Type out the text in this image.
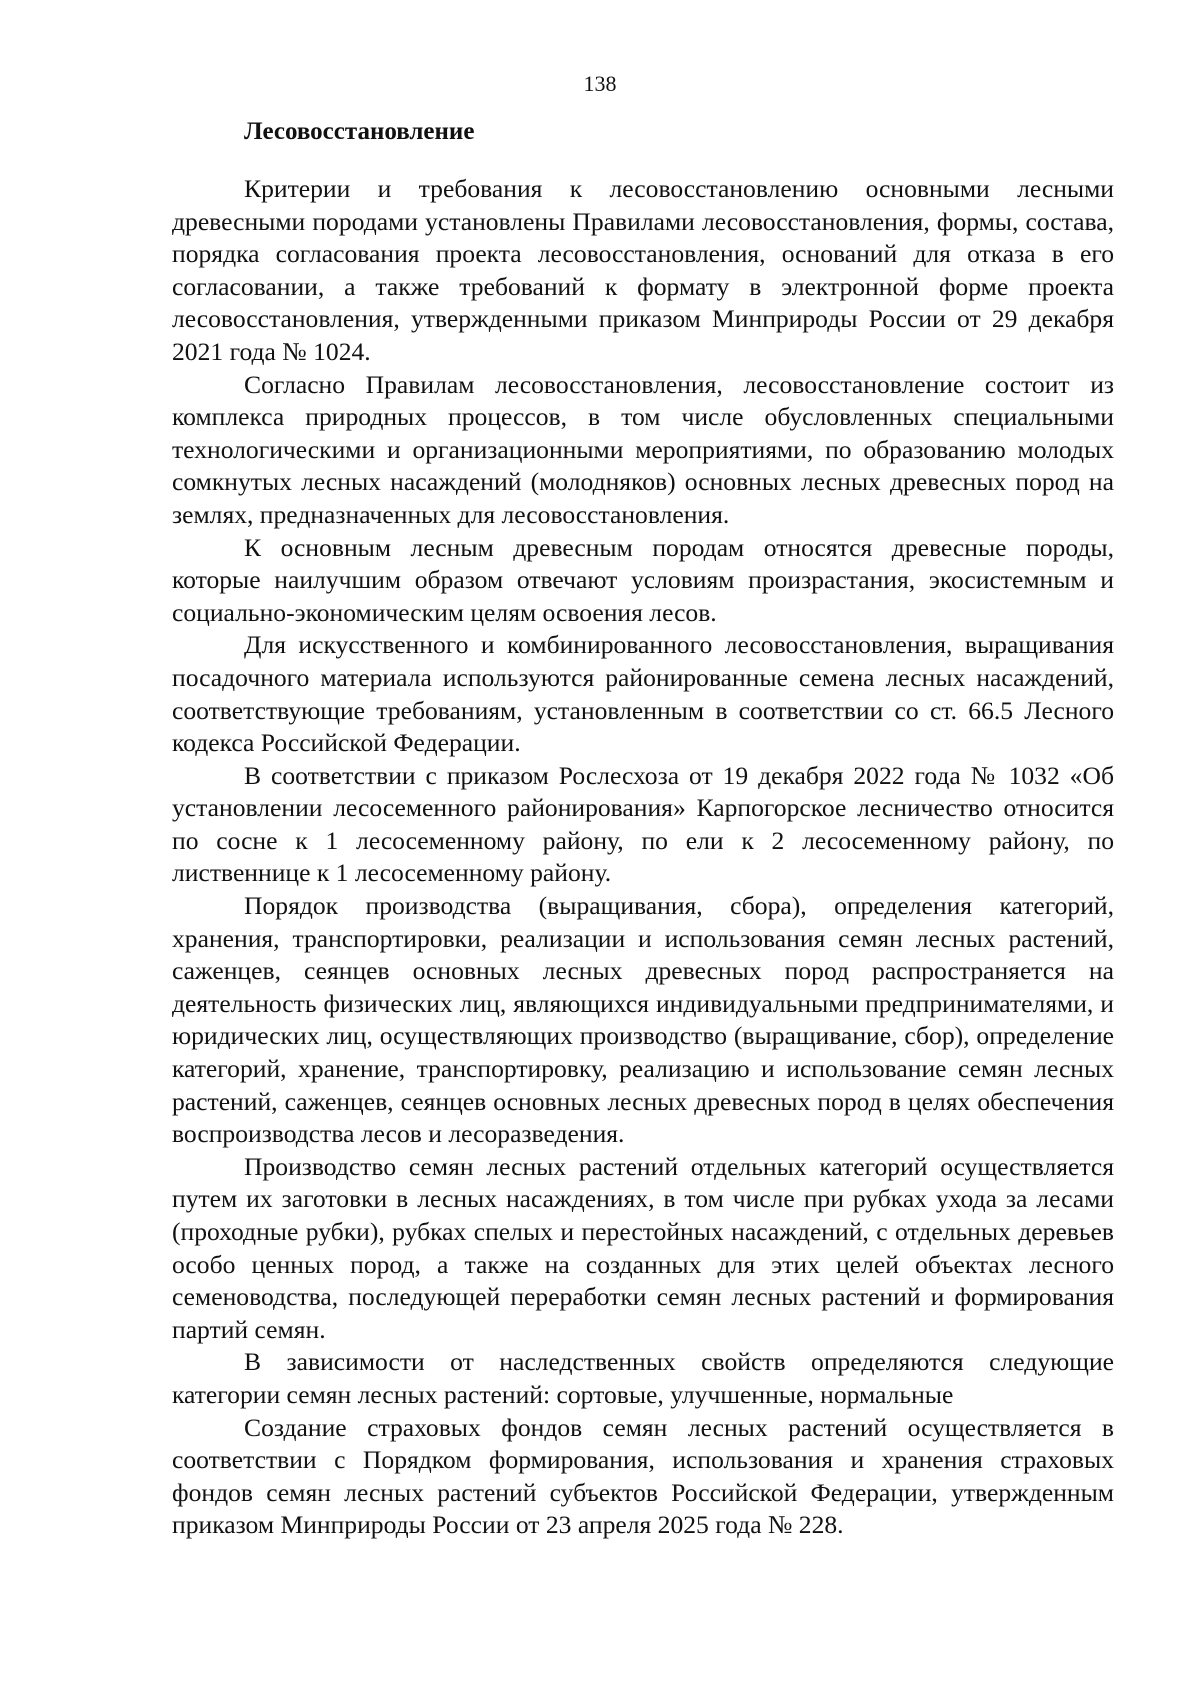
138
Лесовосстановление

Критерии и требования к лесовосстановлению основными лесными древесными породами установлены Правилами лесовосстановления, формы, состава, порядка согласования проекта лесовосстановления, оснований для отказа в его согласовании, а также требований к формату в электронной форме проекта лесовосстановления, утвержденными приказом Минприроды России от 29 декабря 2021 года № 1024.

Согласно Правилам лесовосстановления, лесовосстановление состоит из комплекса природных процессов, в том числе обусловленных специальными технологическими и организационными мероприятиями, по образованию молодых сомкнутых лесных насаждений (молодняков) основных лесных древесных пород на землях, предназначенных для лесовосстановления.

К основным лесным древесным породам относятся древесные породы, которые наилучшим образом отвечают условиям произрастания, экосистемным и социально-экономическим целям освоения лесов.

Для искусственного и комбинированного лесовосстановления, выращивания посадочного материала используются районированные семена лесных насаждений, соответствующие требованиям, установленным в соответствии со ст. 66.5 Лесного кодекса Российской Федерации.

В соответствии с приказом Рослесхоза от 19 декабря 2022 года № 1032 «Об установлении лесосеменного районирования» Карпогорское лесничество относится по сосне к 1 лесосеменному району, по ели к 2 лесосеменному району, по лиственнице к 1 лесосеменному району.

Порядок производства (выращивания, сбора), определения категорий, хранения, транспортировки, реализации и использования семян лесных растений, саженцев, сеянцев основных лесных древесных пород распространяется на деятельность физических лиц, являющихся индивидуальными предпринимателями, и юридических лиц, осуществляющих производство (выращивание, сбор), определение категорий, хранение, транспортировку, реализацию и использование семян лесных растений, саженцев, сеянцев основных лесных древесных пород в целях обеспечения воспроизводства лесов и лесоразведения.

Производство семян лесных растений отдельных категорий осуществляется путем их заготовки в лесных насаждениях, в том числе при рубках ухода за лесами (проходные рубки), рубках спелых и перестойных насаждений, с отдельных деревьев особо ценных пород, а также на созданных для этих целей объектах лесного семеноводства, последующей переработки семян лесных растений и формирования партий семян.

В зависимости от наследственных свойств определяются следующие категории семян лесных растений: сортовые, улучшенные, нормальные

Создание страховых фондов семян лесных растений осуществляется в соответствии с Порядком формирования, использования и хранения страховых фондов семян лесных растений субъектов Российской Федерации, утвержденным приказом Минприроды России от 23 апреля 2025 года № 228.
